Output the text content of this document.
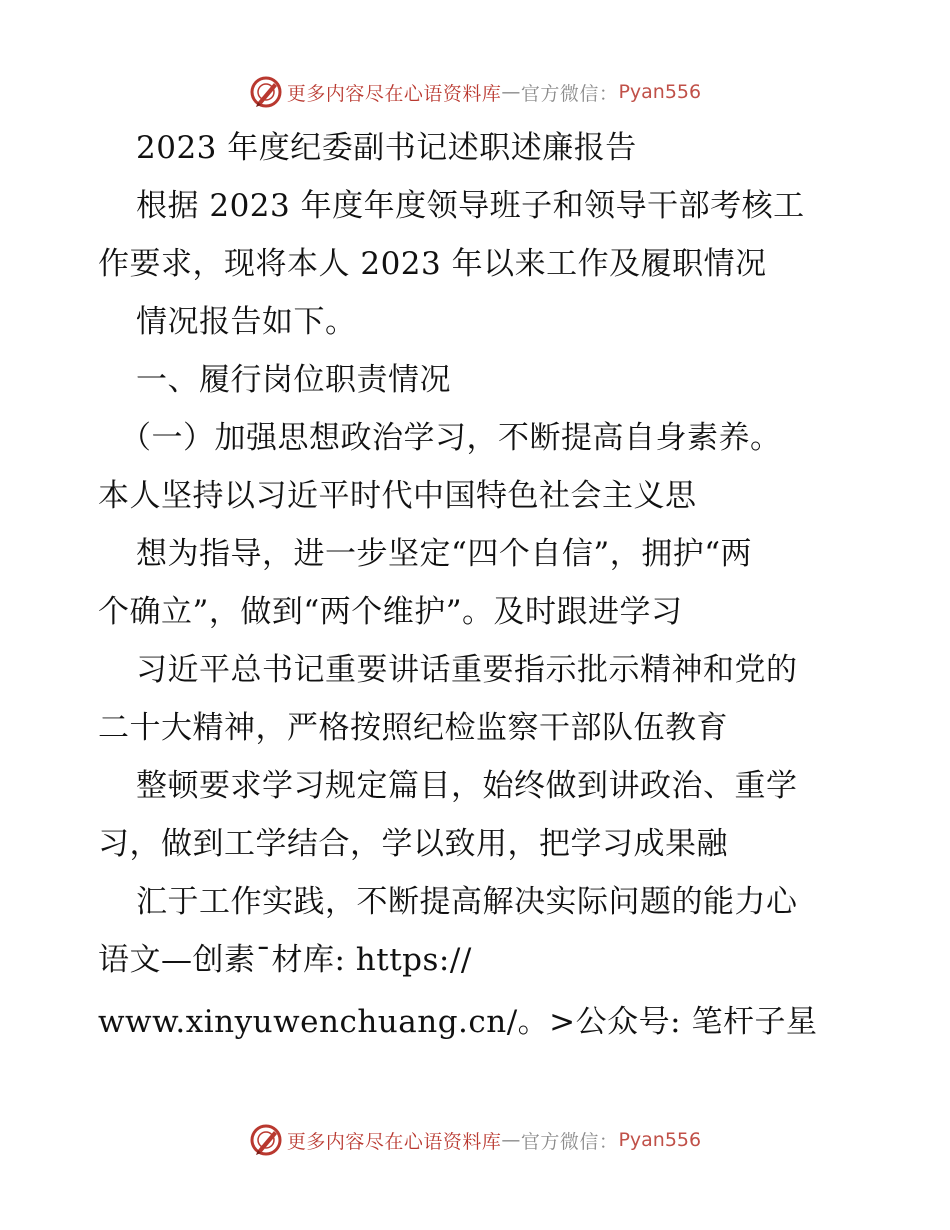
更多内容尽在心语资料库 — 官方微信： Pyan556
2023 年度纪委副书记述职述廉报告
根据 2023 年度年度领导班子和领导干部考核工
作要求，现将本人 2023 年以来工作及履职情况
情况报告如下。
一、履行岗位职责情况
（一）加强思想政治学习，不断提高自身素养。
本人坚持以习近平时代中国特色社会主义思
想为指导，进一步坚定“四个自信”，拥护“两
个确立”，做到“两个维护”。及时跟进学习
习近平总书记重要讲话重要指示批示精神和党的
二十大精神，严格按照纪检监察干部队伍教育
整顿要求学习规定篇目，始终做到讲政治、重学
习，做到工学结合，学以致用，把学习成果融
汇于工作实践，不断提高解决实际问题的能力心
语文—创素¯材库: https://
www.xinyuwenchuang.cn/。>公众号: 笔杆子星
更多内容尽在心语资料库 — 官方微信： Pyan556
